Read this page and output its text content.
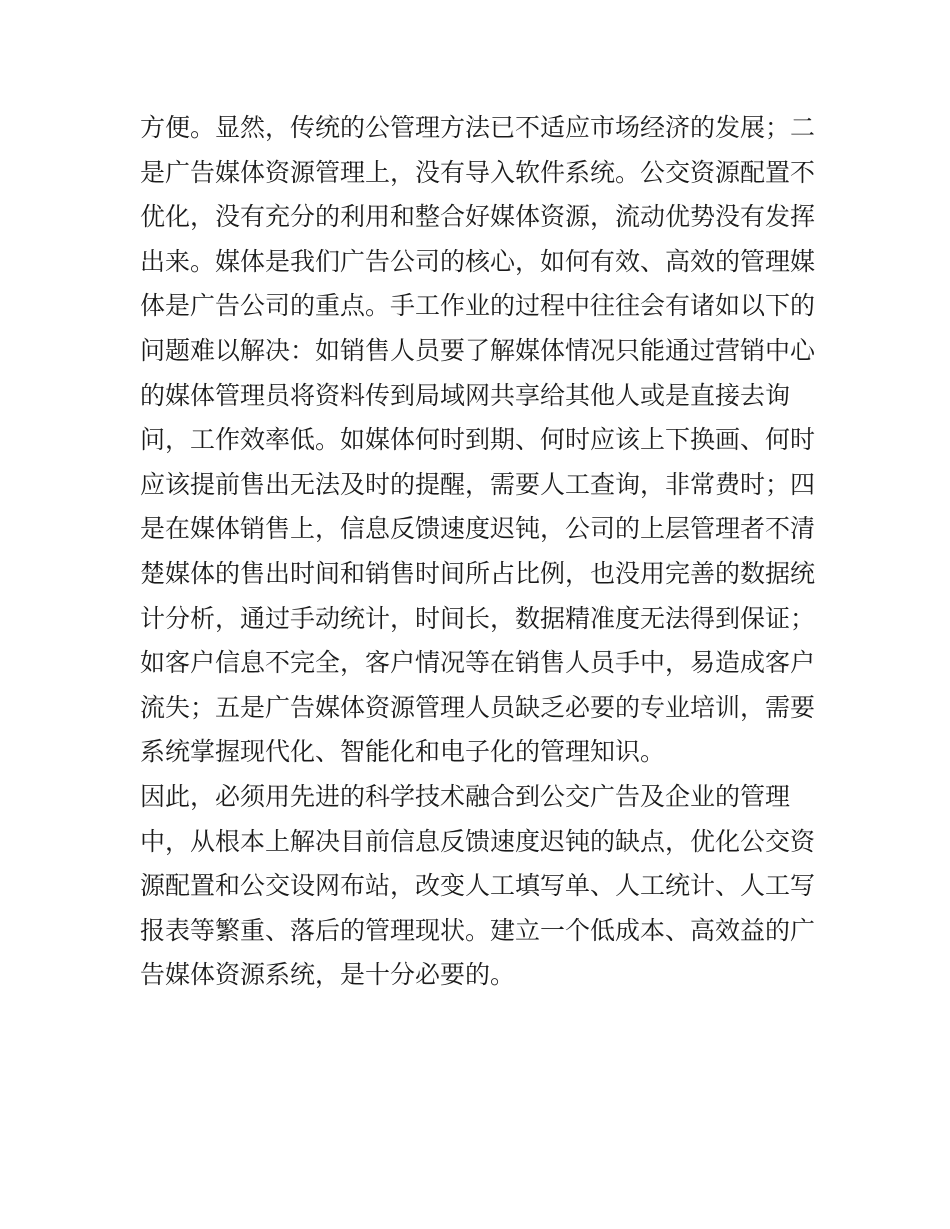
方便。显然，传统的公管理方法已不适应市场经济的发展；二
是广告媒体资源管理上，没有导入软件系统。公交资源配置不
优化，没有充分的利用和整合好媒体资源，流动优势没有发挥
出来。媒体是我们广告公司的核心，如何有效、高效的管理媒
体是广告公司的重点。手工作业的过程中往往会有诸如以下的
问题难以解决：如销售人员要了解媒体情况只能通过营销中心
的媒体管理员将资料传到局域网共享给其他人或是直接去询
问，工作效率低。如媒体何时到期、何时应该上下换画、何时
应该提前售出无法及时的提醒，需要人工查询，非常费时；四
是在媒体销售上，信息反馈速度迟钝，公司的上层管理者不清
楚媒体的售出时间和销售时间所占比例，也没用完善的数据统
计分析，通过手动统计，时间长，数据精准度无法得到保证；
如客户信息不完全，客户情况等在销售人员手中，易造成客户
流失；五是广告媒体资源管理人员缺乏必要的专业培训，需要
系统掌握现代化、智能化和电子化的管理知识。
因此，必须用先进的科学技术融合到公交广告及企业的管理
中，从根本上解决目前信息反馈速度迟钝的缺点，优化公交资
源配置和公交设网布站，改变人工填写单、人工统计、人工写
报表等繁重、落后的管理现状。建立一个低成本、高效益的广
告媒体资源系统，是十分必要的。
